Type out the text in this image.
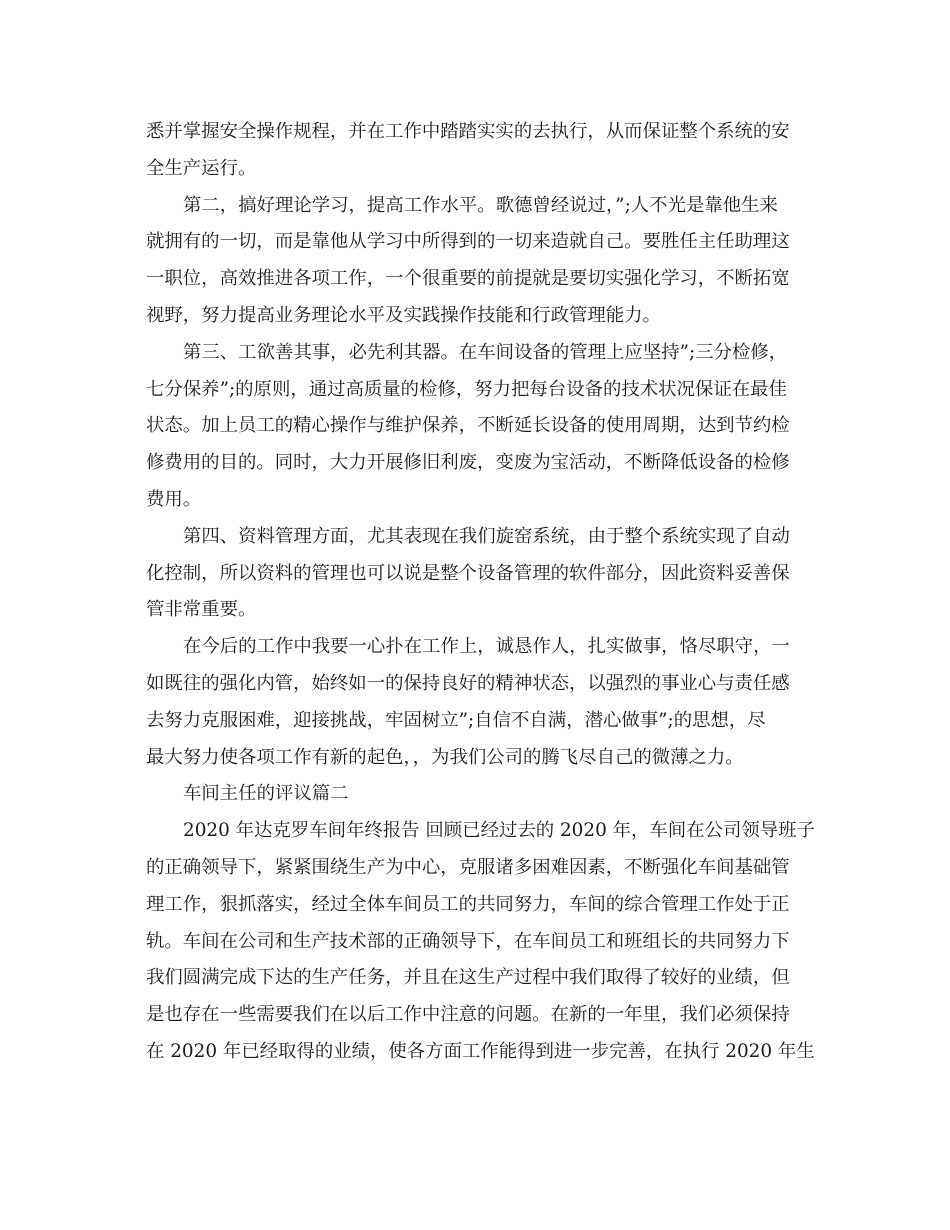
悉并掌握安全操作规程，并在工作中踏踏实实的去执行，从而保证整个系统的安
全生产运行。
第二，搞好理论学习，提高工作水平。歌德曾经说过，”;人不光是靠他生来
就拥有的一切，而是靠他从学习中所得到的一切来造就自己。要胜任主任助理这
一职位，高效推进各项工作，一个很重要的前提就是要切实强化学习，不断拓宽
视野，努力提高业务理论水平及实践操作技能和行政管理能力。
第三、工欲善其事，必先利其器。在车间设备的管理上应坚持”;三分检修，
七分保养”;的原则，通过高质量的检修，努力把每台设备的技术状况保证在最佳
状态。加上员工的精心操作与维护保养，不断延长设备的使用周期，达到节约检
修费用的目的。同时，大力开展修旧利废，变废为宝活动，不断降低设备的检修
费用。
第四、资料管理方面，尤其表现在我们旋窑系统，由于整个系统实现了自动
化控制，所以资料的管理也可以说是整个设备管理的软件部分，因此资料妥善保
管非常重要。
在今后的工作中我要一心扑在工作上，诚恳作人，扎实做事，恪尽职守，一
如既往的强化内管，始终如一的保持良好的精神状态，以强烈的事业心与责任感
去努力克服困难，迎接挑战，牢固树立”;自信不自满，潜心做事”;的思想，尽
最大努力使各项工作有新的起色，，为我们公司的腾飞尽自己的微薄之力。
车间主任的评议篇二
2020 年达克罗车间年终报告 回顾已经过去的 2020 年，车间在公司领导班子
的正确领导下，紧紧围绕生产为中心，克服诸多困难因素，不断强化车间基础管
理工作，狠抓落实，经过全体车间员工的共同努力，车间的综合管理工作处于正
轨。车间在公司和生产技术部的正确领导下，在车间员工和班组长的共同努力下
我们圆满完成下达的生产任务，并且在这生产过程中我们取得了较好的业绩，但
是也存在一些需要我们在以后工作中注意的问题。在新的一年里，我们必须保持
在 2020 年已经取得的业绩，使各方面工作能得到进一步完善，在执行 2020 年生
